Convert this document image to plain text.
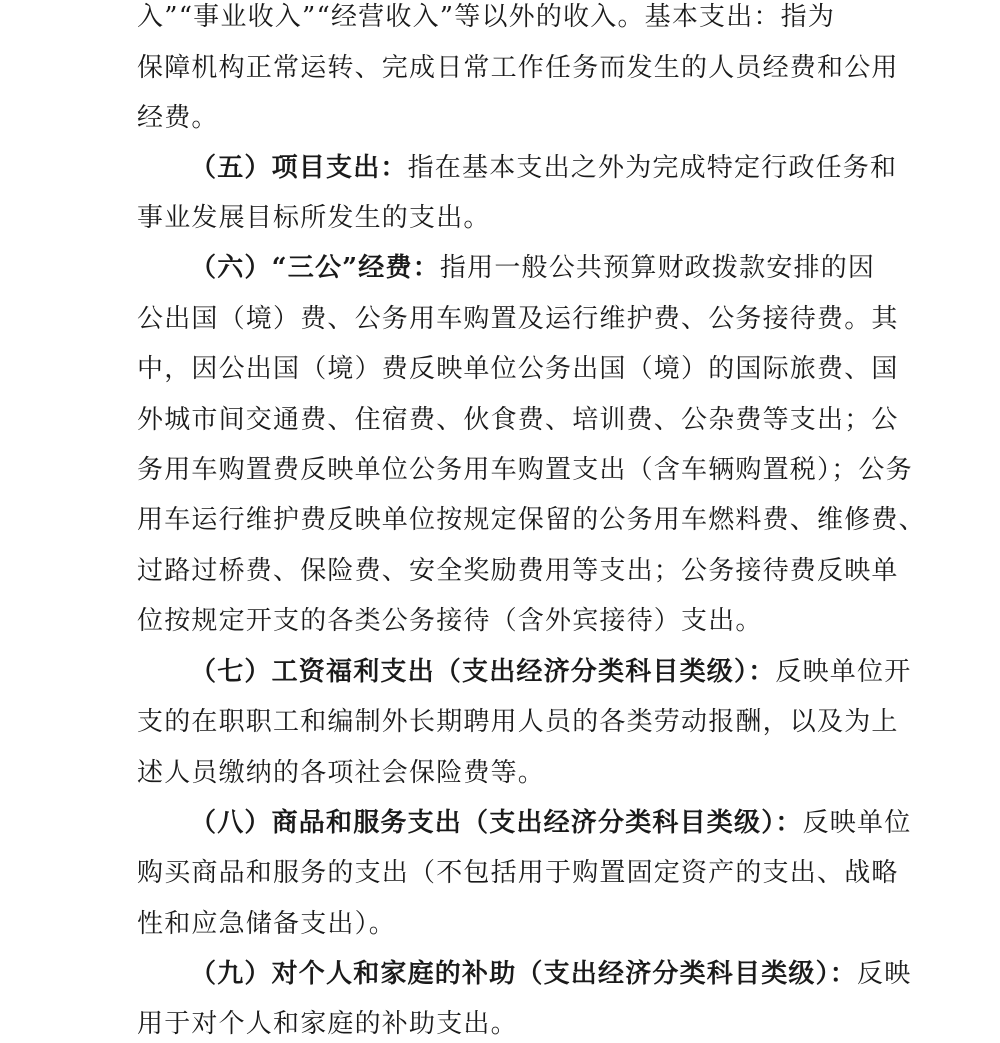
入”“事业收入”“经营收入”等以外的收入。基本支出：指为
保障机构正常运转、完成日常工作任务而发生的人员经费和公用
经费。
（五）项目支出：指在基本支出之外为完成特定行政任务和
事业发展目标所发生的支出。
（六）“三公”经费：指用一般公共预算财政拨款安排的因
公出国（境）费、公务用车购置及运行维护费、公务接待费。其
中，因公出国（境）费反映单位公务出国（境）的国际旅费、国
外城市间交通费、住宿费、伙食费、培训费、公杂费等支出；公
务用车购置费反映单位公务用车购置支出（含车辆购置税）；公务
用车运行维护费反映单位按规定保留的公务用车燃料费、维修费、
过路过桥费、保险费、安全奖励费用等支出；公务接待费反映单
位按规定开支的各类公务接待（含外宾接待）支出。
（七）工资福利支出（支出经济分类科目类级）：反映单位开
支的在职职工和编制外长期聘用人员的各类劳动报酬，以及为上
述人员缴纳的各项社会保险费等。
（八）商品和服务支出（支出经济分类科目类级）：反映单位
购买商品和服务的支出（不包括用于购置固定资产的支出、战略
性和应急储备支出）。
（九）对个人和家庭的补助（支出经济分类科目类级）：反映
用于对个人和家庭的补助支出。
